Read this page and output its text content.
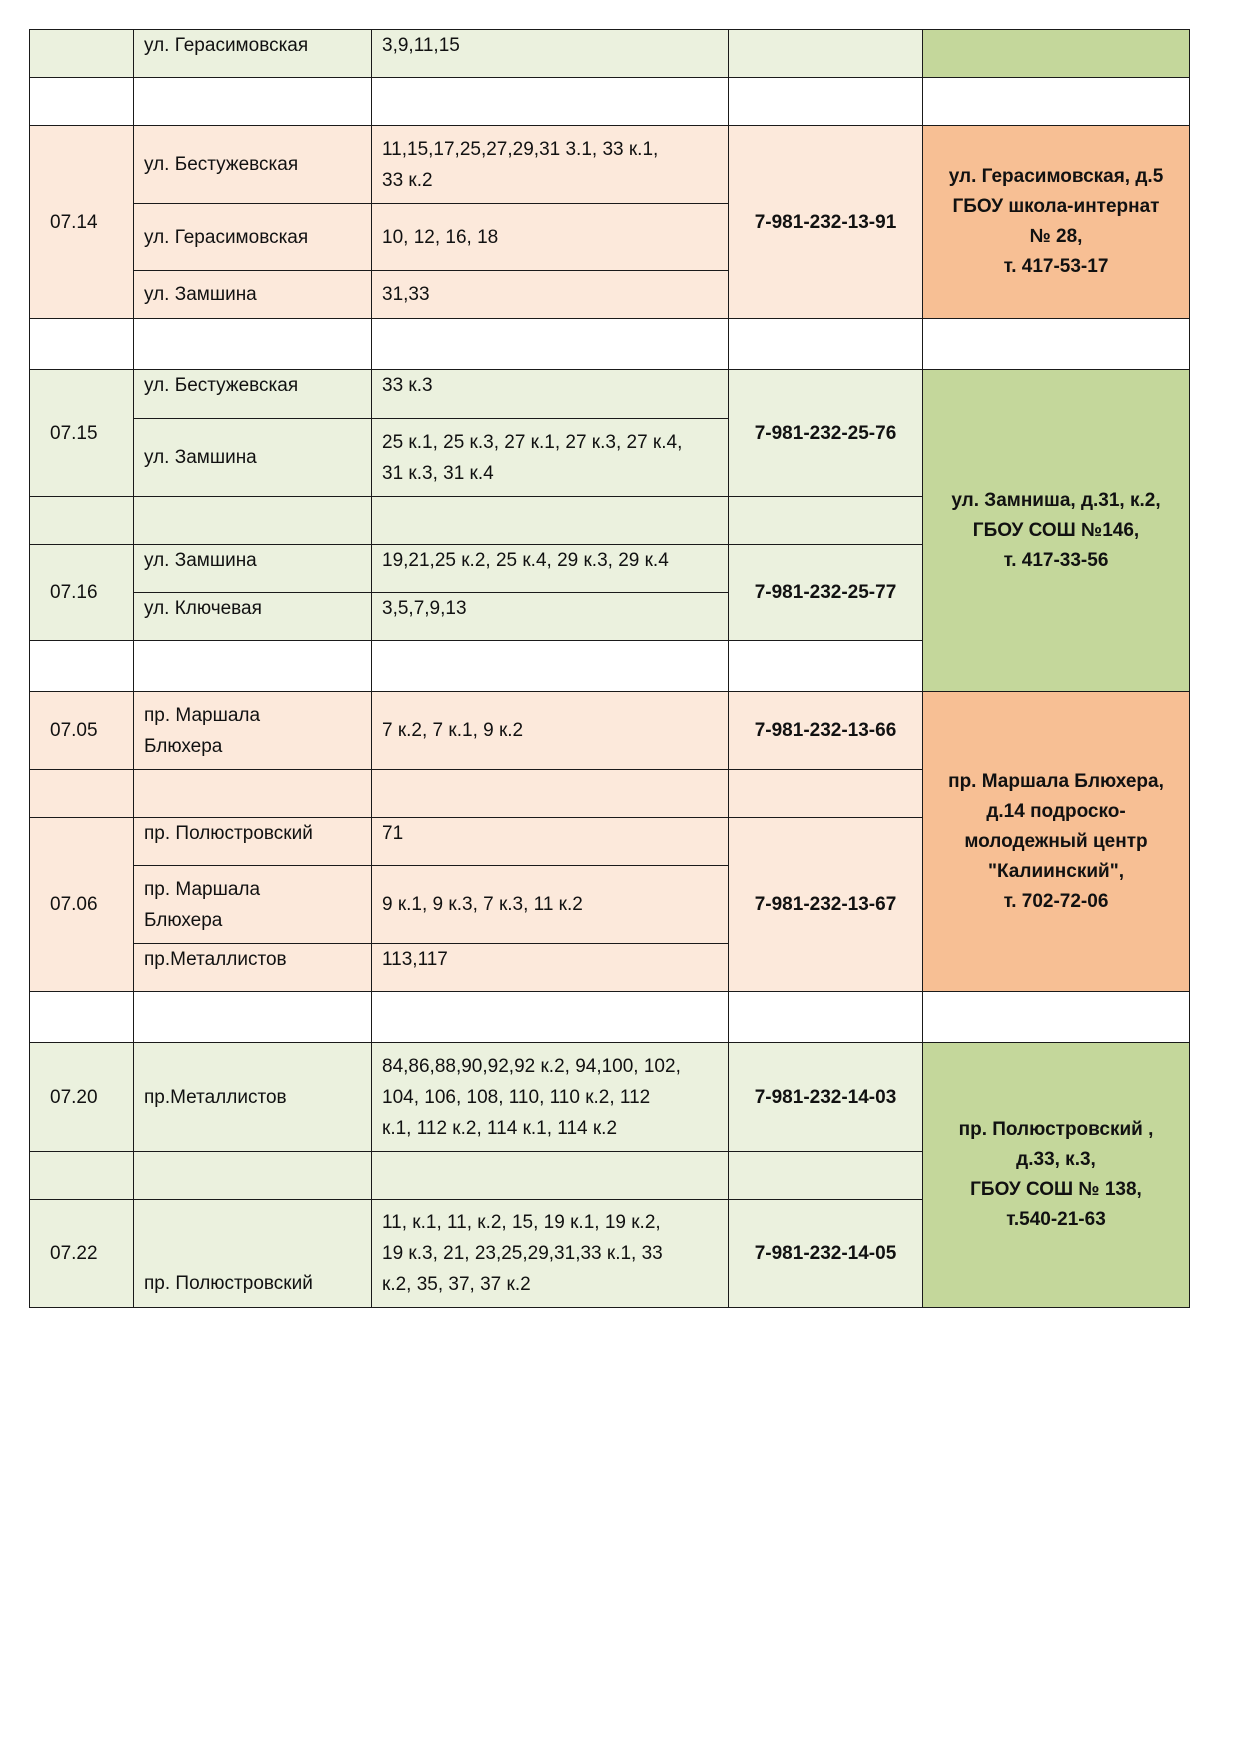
	ул. Герасимовская	3,9,11,15			

07.14	ул. Бестужевская	11,15,17,25,27,29,31 3.1, 33 к.1,
33 к.2	7-981-232-13-91	ул. Герасимовская, д.5
ГБОУ школа-интернат
№ 28,
т. 417-53-17	

	ул. Герасимовская	10, 12, 16, 18			
	ул. Замшина	31,33			

07.15	ул. Бестужевская	33 к.3	7-981-232-25-76	ул. Замниша, д.31, к.2,
ГБОУ СОШ №146,
т. 417-33-56	

	ул. Замшина	25 к.1, 25 к.3, 27 к.1, 27 к.3, 27 к.4,
31 к.3, 31 к.4			

07.16	ул. Замшина	19,21,25 к.2, 25 к.4, 29 к.3, 29 к.4	7-981-232-25-77		
	ул. Ключевая	3,5,7,9,13			

07.05	пр. Маршала
Блюхера	7 к.2, 7 к.1, 9 к.2	7-981-232-13-66	пр. Маршала Блюхера,
д.14 подроско-
молодежный центр
"Калиинский",
т. 702-72-06	

07.06	пр. Полюстровский	71	7-981-232-13-67		

	пр. Маршала
Блюхера	9 к.1, 9 к.3, 7 к.3, 11 к.2			
	пр.Металлистов	113,117			

07.20	пр.Металлистов	84,86,88,90,92,92 к.2, 94,100, 102,
104, 106, 108, 110, 110 к.2, 112
к.1, 112 к.2, 114 к.1, 114 к.2	7-981-232-14-03	пр. Полюстровский ,
д.33, к.3,
ГБОУ СОШ № 138,
т.540-21-63	

07.22	пр. Полюстровский	11, к.1, 11, к.2, 15, 19 к.1, 19 к.2,
19 к.3, 21, 23,25,29,31,33 к.1, 33
к.2, 35, 37, 37 к.2	7-981-232-14-05		
